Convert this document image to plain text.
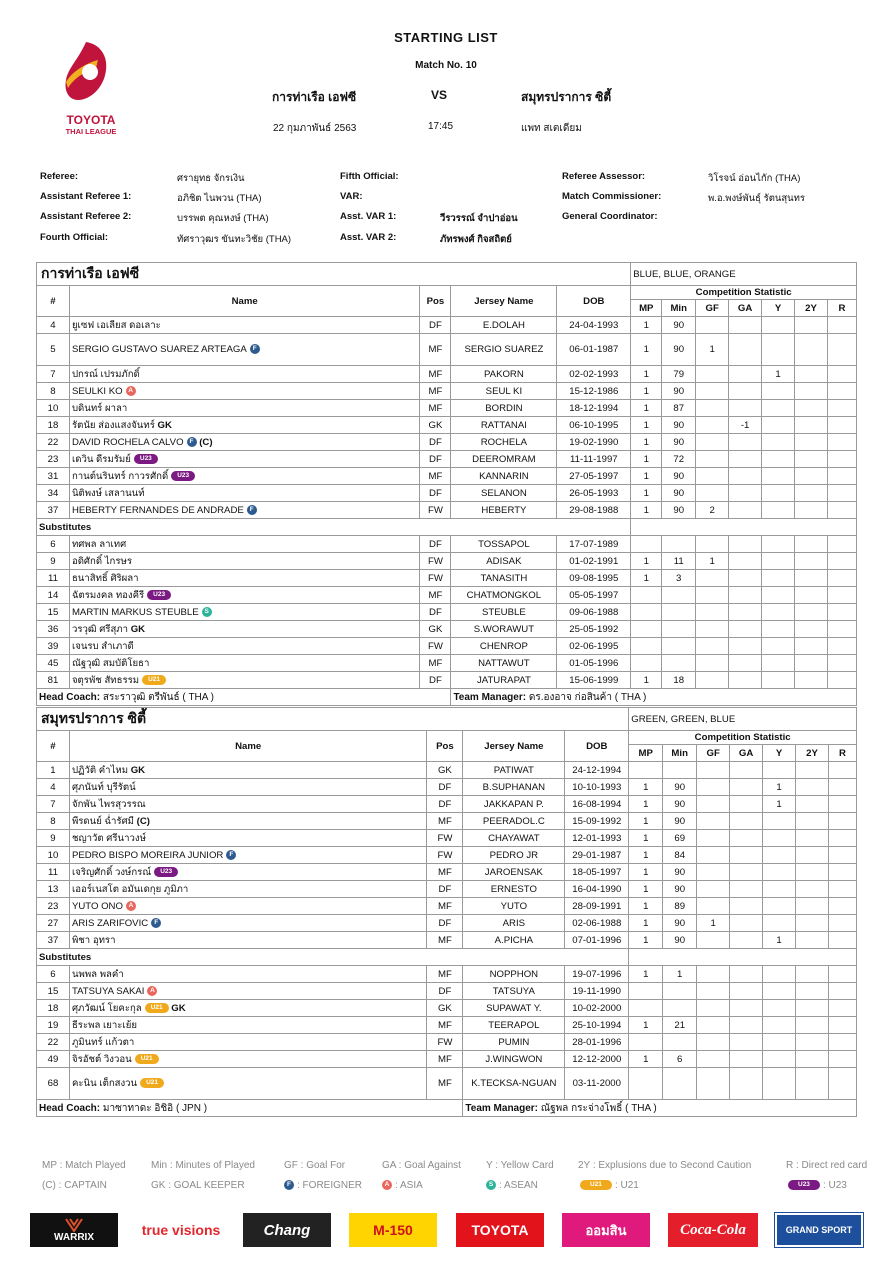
TOYOTA
THAI LEAGUE
STARTING LIST
Match No. 10
การท่าเรือ เอฟซี	VS	สมุทรปราการ ซิตี้
22 กุมภาพันธ์ 2563	17:45	แพท สเตเดียม
Referee:	ศรายุทธ จักรเงิน
Assistant Referee 1:	อภิชิต ไนพวน (THA)
Assistant Referee 2:	บรรพต คุณหงษ์ (THA)
Fourth Official:	ทัศราวุฒร ขันทะวิชัย (THA)
Fifth Official:
VAR:
Asst. VAR 1:	วีรวรรณ์ จำปาอ่อน
Asst. VAR 2:	ภัทรพงศ์ กิจสถิตย์
Referee Assessor:	วิโรจน์ อ่อนไกัก (THA)
Match Commissioner:	พ.อ.พงษ์พันธุ์ รัตนสุนทร
General Coordinator:
การท่าเรือ เอฟซี					BLUE, BLUE, ORANGE						
#	Name	Pos	Jersey Name	DOB	Competition Statistic						
					MP	Min	GF	GA	Y	2Y	R
4	ยูเซฟ เอเลียส ดอเลาะ	DF	E.DOLAH	24-04-1993	1	90					
5	SERGIO GUSTAVO SUAREZ ARTEAGA F	MF	SERGIO SUAREZ	06-01-1987	1	90	1				
7	ปกรณ์ เปรมภักดิ์	MF	PAKORN	02-02-1993	1	79			1		
8	SEULKI KO A	MF	SEUL KI	15-12-1986	1	90					
10	บดินทร์ ผาลา	MF	BORDIN	18-12-1994	1	87					
18	รัตนัย ส่องแสงจันทร์ GK	GK	RATTANAI	06-10-1995	1	90		-1			
22	DAVID ROCHELA CALVO F (C)	DF	ROCHELA	19-02-1990	1	90					
23	เดวิน ดีรมรัมย์ U23	DF	DEEROMRAM	11-11-1997	1	72					
31	กานต์นรินทร์ กาวรศักดิ์ U23	MF	KANNARIN	27-05-1997	1	90					
34	นิติพงษ์ เสลานนท์	DF	SELANON	26-05-1993	1	90					
37	HEBERTY FERNANDES DE ANDRADE F	FW	HEBERTY	29-08-1988	1	90	2				
Substitutes											
6	ทศพล ลาเทศ	DF	TOSSAPOL	17-07-1989							
9	อดิศักดิ์ ไกรษร	FW	ADISAK	01-02-1991	1	11	1				
11	ธนาสิทธิ์ ศิริผลา	FW	TANASITH	09-08-1995	1	3					
14	ฉัตรมงคล ทองคีรี U23	MF	CHATMONGKOL	05-05-1997							
15	MARTIN MARKUS STEUBLE S	DF	STEUBLE	09-06-1988							
36	วรวุฒิ ศรีสุภา GK	GK	S.WORAWUT	25-05-1992							
39	เจนรบ สำเภาดี	FW	CHENROP	02-06-1995							
45	ณัฐวุฒิ สมบัติโยธา	MF	NATTAWUT	01-05-1996							
81	จตุรพัช สัทธรรม U21	DF	JATURAPAT	15-06-1999	1	18					
Head Coach: สระราวุฒิ ตรีพันธ์ ( THA )			Team Manager: ดร.องอาจ ก่อสินค้า ( THA )								
สมุทรปราการ ซิตี้					GREEN, GREEN, BLUE						
#	Name	Pos	Jersey Name	DOB	Competition Statistic						
					MP	Min	GF	GA	Y	2Y	R
1	ปฏิวัติ คำไหม GK	GK	PATIWAT	24-12-1994							
4	ศุภนันท์ บุรีรัตน์	DF	B.SUPHANAN	10-10-1993	1	90			1		
7	จักพัน ไพรสุวรรณ	DF	JAKKAPAN P.	16-08-1994	1	90			1		
8	พีรดนย์ ฉ่ำรัศมี (C)	MF	PEERADOL.C	15-09-1992	1	90					
9	ชญาวัต ศรีนาวงษ์	FW	CHAYAWAT	12-01-1993	1	69					
10	PEDRO BISPO MOREIRA JUNIOR F	FW	PEDRO JR	29-01-1987	1	84					
11	เจริญศักดิ์ วงษ์กรณ์ U23	MF	JAROENSAK	18-05-1997	1	90					
13	เออร์เนสโต อมันเดกุย ภูมิภา	DF	ERNESTO	16-04-1990	1	90					
23	YUTO ONO A	MF	YUTO	28-09-1991	1	89					
27	ARIS ZARIFOVIC F	DF	ARIS	02-06-1988	1	90	1				
37	พิชา อุทรา	MF	A.PICHA	07-01-1996	1	90			1		
Substitutes											
6	นพพล พลคำ	MF	NOPPHON	19-07-1996	1	1					
15	TATSUYA SAKAI A	DF	TATSUYA	19-11-1990							
18	ศุภวัฒน์ โยคะกุล U21 GK	GK	SUPAWAT Y.	10-02-2000							
19	ธีระพล เยาะเย้ย	MF	TEERAPOL	25-10-1994	1	21					
22	ภูมินทร์ แก้วตา	FW	PUMIN	28-01-1996							
49	จิรอัชต์ วิงวอน U21	MF	J.WINGWON	12-12-2000	1	6					
68	คะนิน เต็กสงวน U21	MF	K.TECKSA-NGUAN	03-11-2000							
Head Coach: มาซาทาดะ อิชิอิ ( JPN )			Team Manager: ณัฐพล กระจ่างโพธิ์ ( THA )								
MP : Match Played	Min : Minutes of Played	GF : Goal For	GA : Goal Against	Y : Yellow Card 2Y : Explusions due to Second Caution	R : Direct red card
(C) : CAPTAIN	GK : GOAL KEEPER	F : FOREIGNER	A : ASIA	S : ASEAN	U21 : U21	U23 : U23
WARRIX	true visions	Chang	M-150	TOYOTA	ออมสิน	Coca-Cola	GRAND SPORT
